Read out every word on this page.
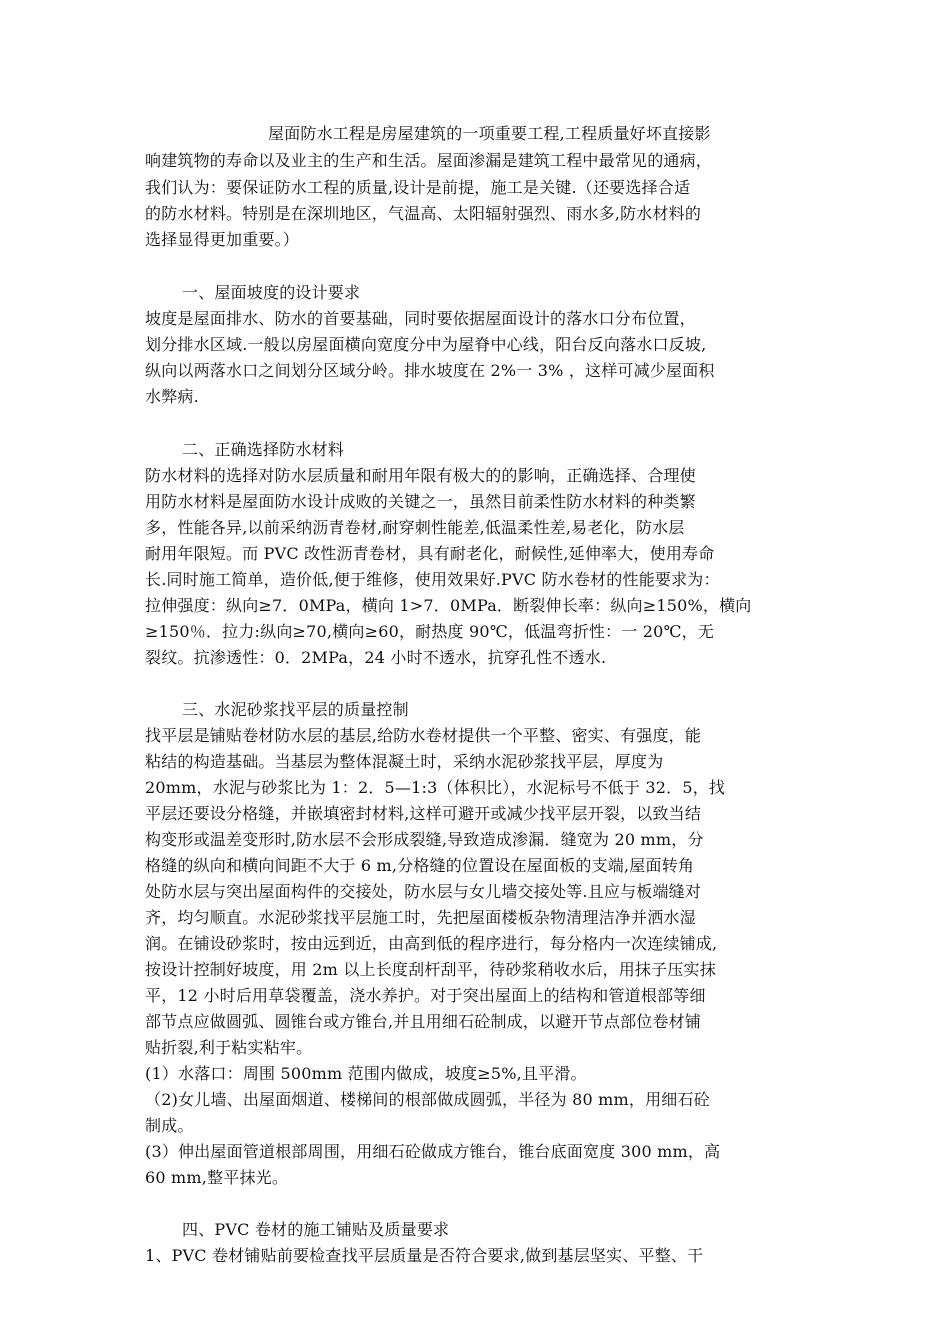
屋面防水工程是房屋建筑的一项重要工程,工程质量好坏直接影
响建筑物的寿命以及业主的生产和生活。屋面渗漏是建筑工程中最常见的通病，
我们认为：要保证防水工程的质量,设计是前提，施工是关键.（还要选择合适
的防水材料。特别是在深圳地区，气温高、太阳辐射强烈、雨水多,防水材料的
选择显得更加重要。）
一、屋面坡度的设计要求
坡度是屋面排水、防水的首要基础，同时要依据屋面设计的落水口分布位置，
划分排水区域.一般以房屋面横向宽度分中为屋脊中心线，阳台反向落水口反坡,
纵向以两落水口之间划分区域分岭。排水坡度在 2%一 3% ，这样可减少屋面积
水弊病.
二、正确选择防水材料
防水材料的选择对防水层质量和耐用年限有极大的的影响，正确选择、合理使
用防水材料是屋面防水设计成败的关键之一，虽然目前柔性防水材料的种类繁
多，性能各异,以前采纳沥青卷材,耐穿刺性能差,低温柔性差,易老化，防水层
耐用年限短。而 PVC 改性沥青卷材，具有耐老化，耐候性,延伸率大，使用寿命
长.同时施工简单，造价低,便于维修，使用效果好.PVC 防水卷材的性能要求为：
拉伸强度：纵向≥7．0MPa，横向 1>7．0MPa．断裂伸长率：纵向≥150%，横向
≥150％．拉力:纵向≥70,横向≥60，耐热度 90℃，低温弯折性：一 20℃，无
裂纹。抗渗透性：0．2MPa，24 小时不透水，抗穿孔性不透水.
三、水泥砂浆找平层的质量控制
找平层是铺贴卷材防水层的基层,给防水卷材提供一个平整、密实、有强度，能
粘结的构造基础。当基层为整体混凝土时，采纳水泥砂浆找平层，厚度为
20mm，水泥与砂浆比为 1：2．5—1:3（体积比），水泥标号不低于 32．5，找
平层还要设分格缝，并嵌填密封材料,这样可避开或减少找平层开裂，以致当结
构变形或温差变形时,防水层不会形成裂缝,导致造成渗漏．缝宽为 20 mm，分
格缝的纵向和横向间距不大于 6 m,分格缝的位置设在屋面板的支端,屋面转角
处防水层与突出屋面构件的交接处，防水层与女儿墙交接处等.且应与板端缝对
齐，均匀顺直。水泥砂浆找平层施工时，先把屋面楼板杂物清理洁净并洒水湿
润。在铺设砂浆时，按由远到近，由高到低的程序进行，每分格内一次连续铺成,
按设计控制好坡度，用 2m 以上长度刮杆刮平，待砂浆稍收水后，用抹子压实抹
平，12 小时后用草袋覆盖，浇水养护。对于突出屋面上的结构和管道根部等细
部节点应做圆弧、圆锥台或方锥台,并且用细石砼制成，以避开节点部位卷材铺
贴折裂,利于粘实粘牢。
(1）水落口：周围 500mm 范围内做成，坡度≥5%,且平滑。
（2)女儿墙、出屋面烟道、楼梯间的根部做成圆弧，半径为 80 mm，用细石砼
制成。
(3）伸出屋面管道根部周围，用细石砼做成方锥台，锥台底面宽度 300 mm，高
60 mm,整平抹光。
四、PVC 卷材的施工铺贴及质量要求
1、PVC 卷材铺贴前要检查找平层质量是否符合要求,做到基层坚实、平整、干
